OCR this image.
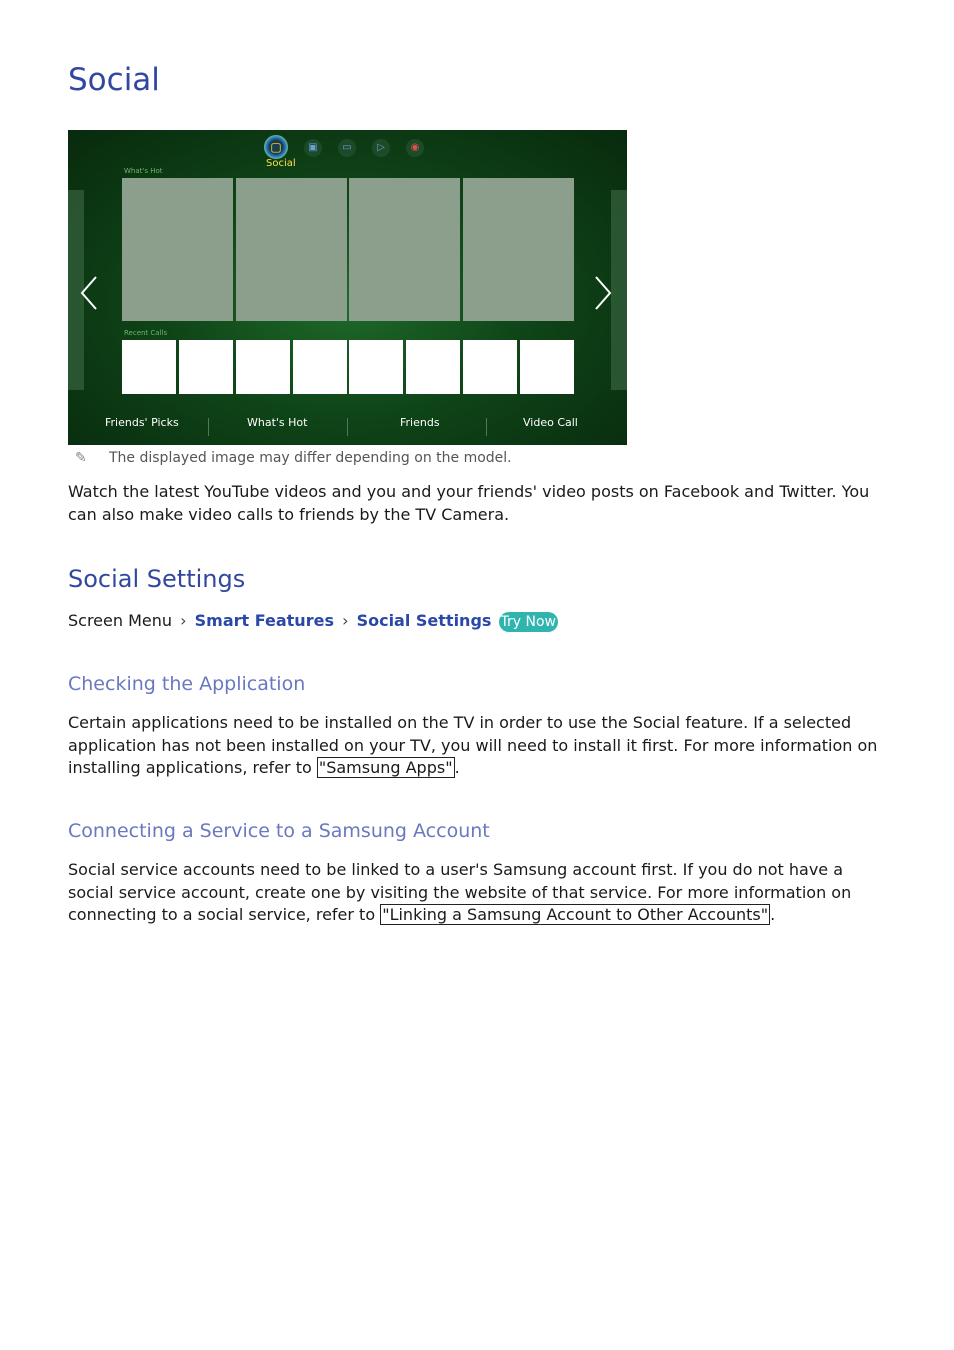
Social
▢	▣	▭	▷	◉
Social
What's Hot
Recent Calls
Friends' Picks	What's Hot	Friends	Video Call
✎ The displayed image may differ depending on the model.

Watch the latest YouTube videos and you and your friends' video posts on Facebook and Twitter. You can also make video calls to friends by the TV Camera.

Social Settings
Screen Menu › Smart Features › Social Settings Try Now
Checking the Application

Certain applications need to be installed on the TV in order to use the Social feature. If a selected application has not been installed on your TV, you will need to install it first. For more information on installing applications, refer to "Samsung Apps" .

Connecting a Service to a Samsung Account

Social service accounts need to be linked to a user's Samsung account first. If you do not have a social service account, create one by visiting the website of that service. For more information on connecting to a social service, refer to "Linking a Samsung Account to Other Accounts" .
